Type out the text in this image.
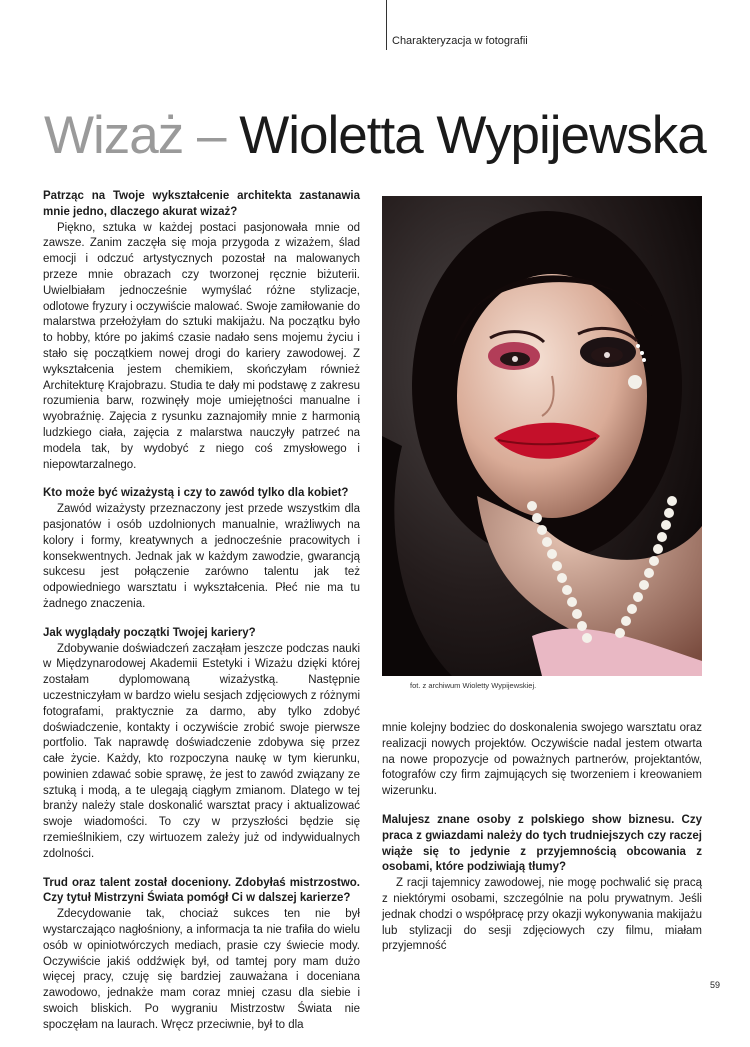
Charakteryzacja w fotografii
Wizaż – Wioletta Wypijewska

Patrząc na Twoje wykształcenie architekta zastanawia mnie jedno, dlaczego akurat wizaż?

Piękno, sztuka w każdej postaci pasjonowała mnie od zawsze. Zanim zaczęła się moja przygoda z wizażem, ślad emocji i odczuć artystycznych pozostał na malowanych przeze mnie obrazach czy tworzonej ręcznie biżuterii. Uwielbiałam jednocześnie wymyślać różne stylizacje, odlotowe fryzury i oczywiście malować. Swoje zamiłowanie do malarstwa przełożyłam do sztuki makijażu. Na początku było to hobby, które po jakimś czasie nadało sens mojemu życiu i stało się początkiem nowej drogi do kariery zawodowej. Z wykształcenia jestem chemikiem, skończyłam również Architekturę Krajobrazu. Studia te dały mi podstawę z zakresu rozumienia barw, rozwinęły moje umiejętności manualne i wyobraźnię. Zajęcia z rysunku zaznajomiły mnie z harmonią ludzkiego ciała, zajęcia z malarstwa nauczyły patrzeć na modela tak, by wydobyć z niego coś zmysłowego i niepowtarzalnego.

Kto może być wizażystą i czy to zawód tylko dla kobiet?

Zawód wizażysty przeznaczony jest przede wszystkim dla pasjonatów i osób uzdolnionych manualnie, wrażliwych na kolory i formy, kreatywnych a jednocześnie pracowitych i konsekwentnych. Jednak jak w każdym zawodzie, gwarancją sukcesu jest połączenie zarówno talentu jak też odpowiedniego warsztatu i wykształcenia. Płeć nie ma tu żadnego znaczenia.

Jak wyglądały początki Twojej kariery?

Zdobywanie doświadczeń zacząłam jeszcze podczas nauki w Międzynarodowej Akademii Estetyki i Wizażu dzięki której zostałam dyplomowaną wizażystką. Następnie uczestniczyłam w bardzo wielu sesjach zdjęciowych z różnymi fotografami, praktycznie za darmo, aby tylko zdobyć doświadczenie, kontakty i oczywiście zrobić swoje pierwsze portfolio. Tak naprawdę doświadczenie zdobywa się przez całe życie. Każdy, kto rozpoczyna naukę w tym kierunku, powinien zdawać sobie sprawę, że jest to zawód związany ze sztuką i modą, a te ulegają ciągłym zmianom. Dlatego w tej branży należy stale doskonalić warsztat pracy i aktualizować swoje wiadomości. To czy w przyszłości będzie się rzemieślnikiem, czy wirtuozem zależy już od indywidualnych zdolności.

Trud oraz talent został doceniony. Zdobyłaś mistrzostwo. Czy tytuł Mistrzyni Świata pomógł Ci w dalszej karierze?

Zdecydowanie tak, chociaż sukces ten nie był wystarczająco nagłośniony, a informacja ta nie trafiła do wielu osób w opiniotwórczych mediach, prasie czy świecie mody. Oczywiście jakiś oddźwięk był, od tamtej pory mam dużo więcej pracy, czuję się bardziej zauważana i doceniana zawodowo, jednakże mam coraz mniej czasu dla siebie i swoich bliskich. Po wygraniu Mistrzostw Świata nie spoczęłam na laurach. Wręcz przeciwnie, był to dla

fot. z archiwum Wioletty Wypijewskiej.

mnie kolejny bodziec do doskonalenia swojego warsztatu oraz realizacji nowych projektów. Oczywiście nadal jestem otwarta na nowe propozycje od poważnych partnerów, projektantów, fotografów czy firm zajmujących się tworzeniem i kreowaniem wizerunku.

Malujesz znane osoby z polskiego show biznesu. Czy praca z gwiazdami należy do tych trudniejszych czy raczej wiąże się to jedynie z przyjemnością obcowania z osobami, które podziwiają tłumy?

Z racji tajemnicy zawodowej, nie mogę pochwalić się pracą z niektórymi osobami, szczególnie na polu prywatnym. Jeśli jednak chodzi o współpracę przy okazji wykonywania makijażu lub stylizacji do sesji zdjęciowych czy filmu, miałam przyjemność

59
